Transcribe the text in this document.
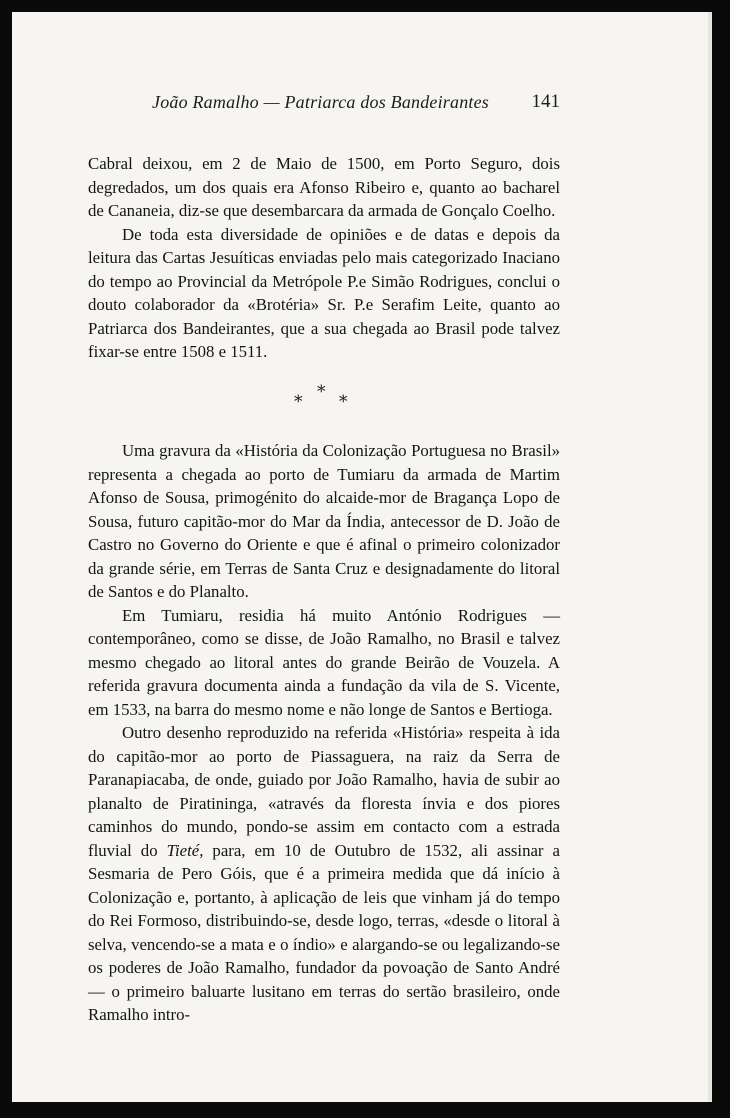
João Ramalho — Patriarca dos Bandeirantes 141

Cabral deixou, em 2 de Maio de 1500, em Porto Seguro, dois degredados, um dos quais era Afonso Ribeiro e, quanto ao bacharel de Cananeia, diz-se que desembarcara da armada de Gonçalo Coelho.

De toda esta diversidade de opiniões e de datas e depois da leitura das Cartas Jesuíticas enviadas pelo mais categorizado Inaciano do tempo ao Provincial da Metrópole P.e Simão Rodrigues, conclui o douto colaborador da «Brotéria» Sr. P.e Serafim Leite, quanto ao Patriarca dos Bandeirantes, que a sua chegada ao Brasil pode talvez fixar-se entre 1508 e 1511.

* * *

Uma gravura da «História da Colonização Portuguesa no Brasil» representa a chegada ao porto de Tumiaru da armada de Martim Afonso de Sousa, primogénito do alcaide-mor de Bragança Lopo de Sousa, futuro capitão-mor do Mar da Índia, antecessor de D. João de Castro no Governo do Oriente e que é afinal o primeiro colonizador da grande série, em Terras de Santa Cruz e designadamente do litoral de Santos e do Planalto.

Em Tumiaru, residia há muito António Rodrigues — contemporâneo, como se disse, de João Ramalho, no Brasil e talvez mesmo chegado ao litoral antes do grande Beirão de Vouzela. A referida gravura documenta ainda a fundação da vila de S. Vicente, em 1533, na barra do mesmo nome e não longe de Santos e Bertioga.

Outro desenho reproduzido na referida «História» respeita à ida do capitão-mor ao porto de Piassaguera, na raiz da Serra de Paranapiacaba, de onde, guiado por João Ramalho, havia de subir ao planalto de Piratininga, «através da floresta ínvia e dos piores caminhos do mundo, pondo-se assim em contacto com a estrada fluvial do Tieté, para, em 10 de Outubro de 1532, ali assinar a Sesmaria de Pero Góis, que é a primeira medida que dá início à Colonização e, portanto, à aplicação de leis que vinham já do tempo do Rei Formoso, distribuindo-se, desde logo, terras, «desde o litoral à selva, vencendo-se a mata e o índio» e alargando-se ou legalizando-se os poderes de João Ramalho, fundador da povoação de Santo André — o primeiro baluarte lusitano em terras do sertão brasileiro, onde Ramalho intro-
